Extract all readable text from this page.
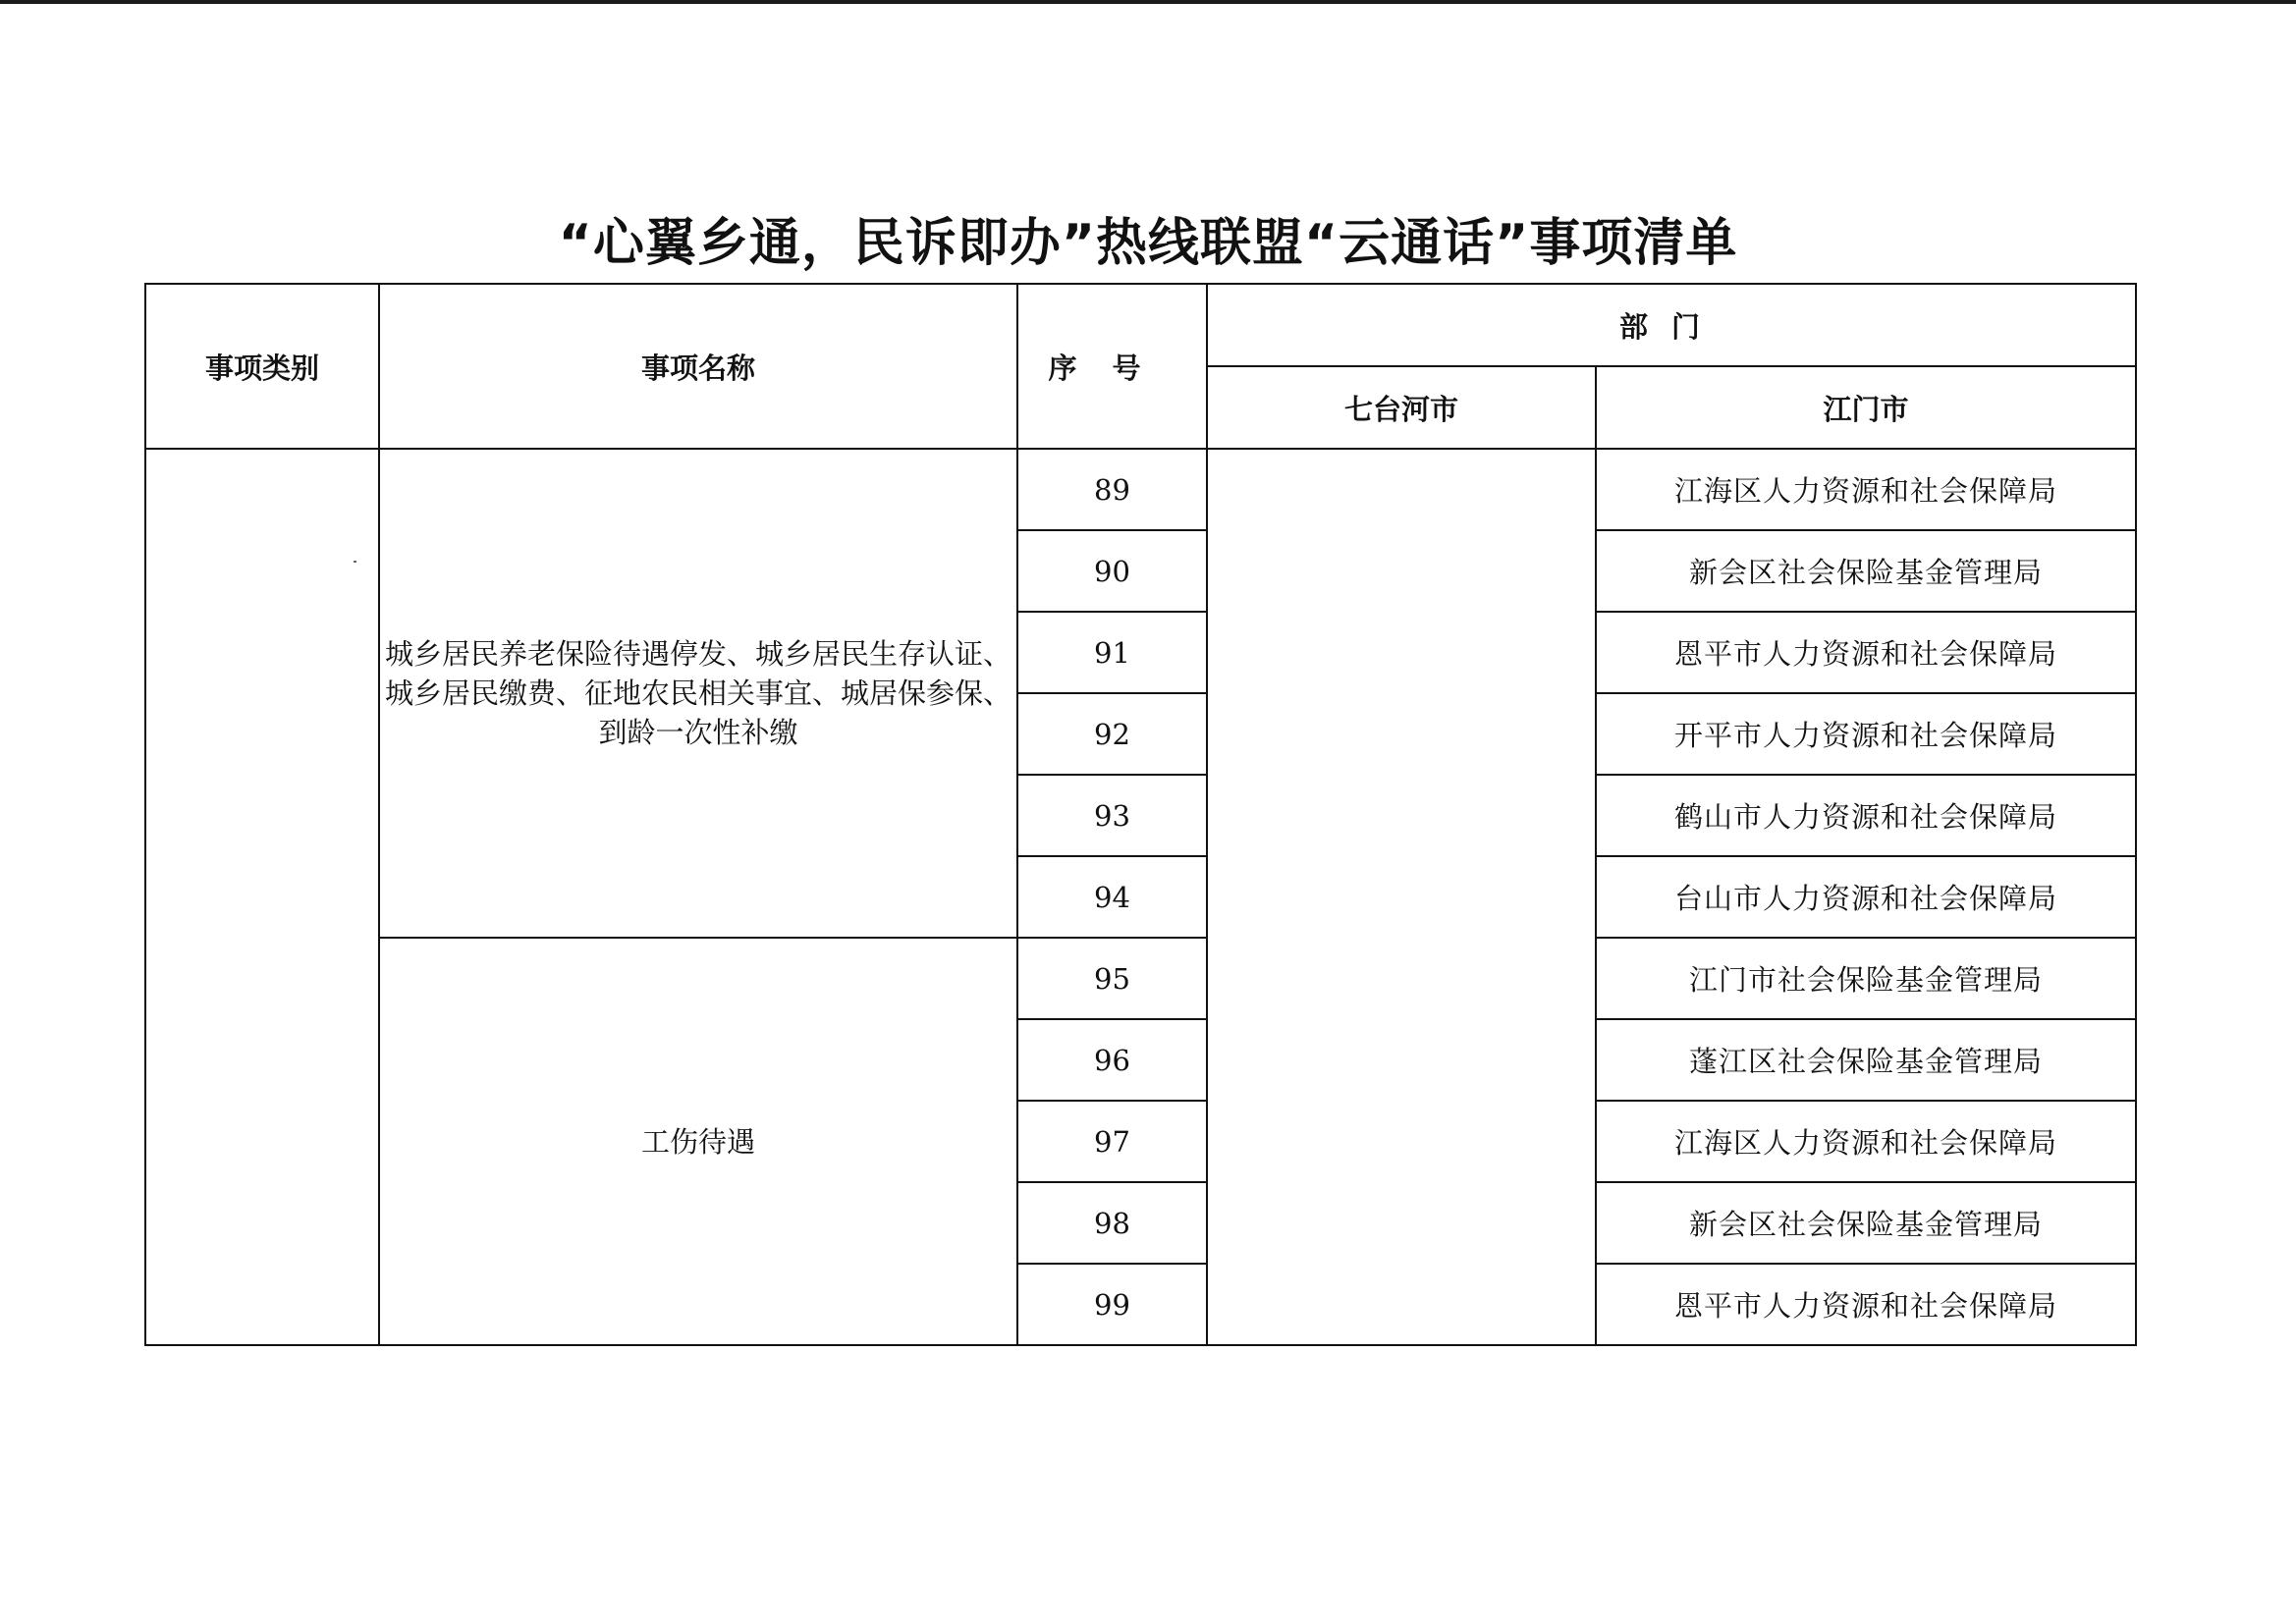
“心翼乡通，民诉即办”热线联盟“云通话”事项清单
事项类别	事项名称	序号	部门	
			七台河市	江门市
	城乡居民养老保险待遇停发、城乡居民生存认证、城乡居民缴费、征地农民相关事宜、城居保参保、到龄一次性补缴	89		江海区人力资源和社会保障局
		90		新会区社会保险基金管理局
		91		恩平市人力资源和社会保障局
		92		开平市人力资源和社会保障局
		93		鹤山市人力资源和社会保障局
		94		台山市人力资源和社会保障局
	工伤待遇	95		江门市社会保险基金管理局
		96		蓬江区社会保险基金管理局
		97		江海区人力资源和社会保障局
		98		新会区社会保险基金管理局
		99		恩平市人力资源和社会保障局
